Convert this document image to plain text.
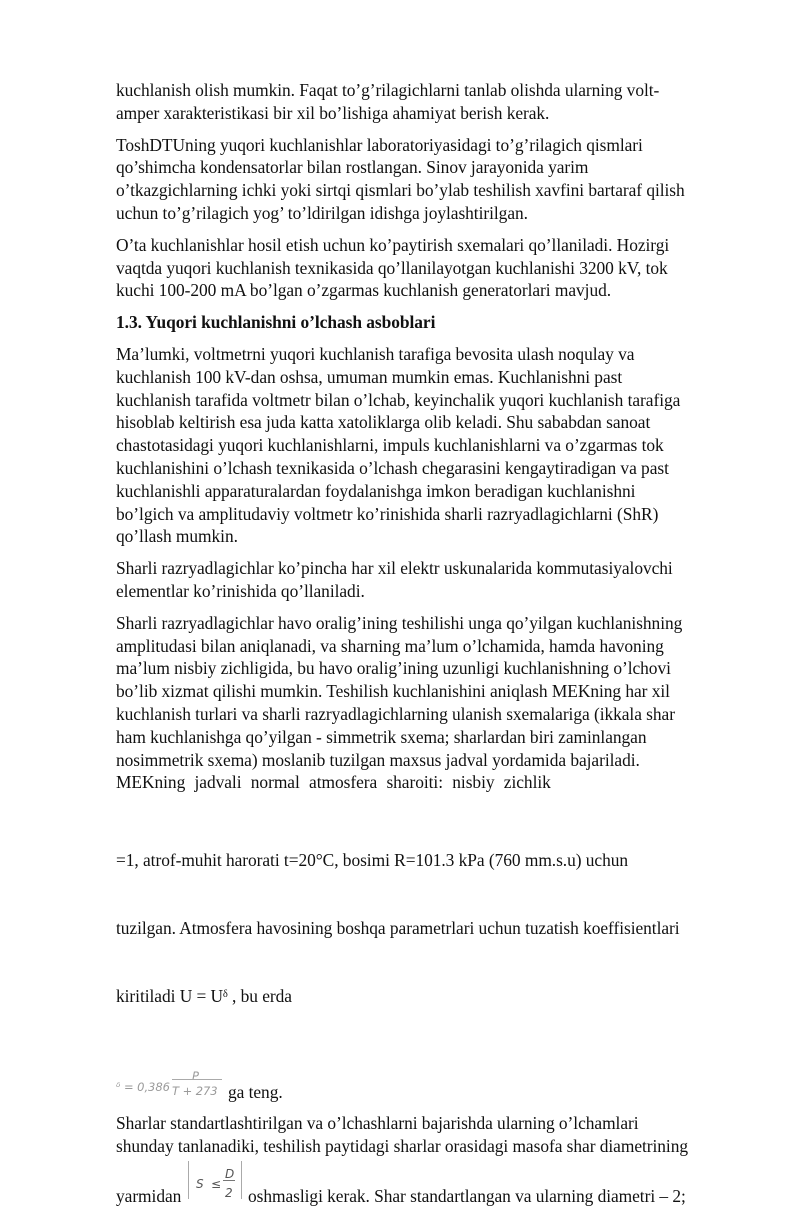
kuchlanish olish mumkin. Faqat to’g’rilagichlarni tanlab olishda ularning volt-
amper xarakteristikasi bir xil bo’lishiga ahamiyat berish kerak.

ToshDTUning yuqori kuchlanishlar laboratoriyasidagi to’g’rilagich qismlari
qo’shimcha kondensatorlar bilan rostlangan. Sinov jarayonida yarim
o’tkazgichlarning ichki yoki sirtqi qismlari bo’ylab teshilish xavfini bartaraf qilish
uchun to’g’rilagich yog’ to’ldirilgan idishga joylashtirilgan.

O’ta kuchlanishlar hosil etish uchun ko’paytirish sxemalari qo’llaniladi. Hozirgi
vaqtda yuqori kuchlanish texnikasida qo’llanilayotgan kuchlanishi 3200 kV, tok
kuchi 100-200 mA bo’lgan o’zgarmas kuchlanish generatorlari mavjud.

1.3. Yuqori kuchlanishni o’lchash asboblari

Ma’lumki, voltmetrni yuqori kuchlanish tarafiga bevosita ulash noqulay va
kuchlanish 100 kV-dan oshsa, umuman mumkin emas. Kuchlanishni past
kuchlanish tarafida voltmetr bilan o’lchab, keyinchalik yuqori kuchlanish tarafiga
hisoblab keltirish esa juda katta xatoliklarga olib keladi. Shu sababdan sanoat
chastotasidagi yuqori kuchlanishlarni, impuls kuchlanishlarni va o’zgarmas tok
kuchlanishini o’lchash texnikasida o’lchash chegarasini kengaytiradigan va past
kuchlanishli apparaturalardan foydalanishga imkon beradigan kuchlanishni
bo’lgich va amplitudaviy voltmetr ko’rinishida sharli razryadlagichlarni (ShR)
qo’llash mumkin.

Sharli razryadlagichlar ko’pincha har xil elektr uskunalarida kommutasiyalovchi
elementlar ko’rinishida qo’llaniladi.

Sharli razryadlagichlar havo oralig’ining teshilishi unga qo’yilgan kuchlanishning
amplitudasi bilan aniqlanadi, va sharning ma’lum o’lchamida, hamda havoning
ma’lum nisbiy zichligida, bu havo oralig’ining uzunligi kuchlanishning o’lchovi
bo’lib xizmat qilishi mumkin. Teshilish kuchlanishini aniqlash MEKning har xil
kuchlanish turlari va sharli razryadlagichlarning ulanish sxemalariga (ikkala shar
ham kuchlanishga qo’yilgan - simmetrik sxema; sharlardan biri zaminlangan
nosimmetrik sxema) moslanib tuzilgan maxsus jadval yordamida bajariladi.
MEKning jadvali normal atmosfera sharoiti: nisbiy zichlik

=1, atrof-muhit harorati t=20°C, bosimi R=101.3 kPa (760 mm.s.u) uchun

tuzilgan. Atmosfera havosining boshqa parametrlari uchun tuzatish koeffisientlari

kiritiladi U = Uᵟ , bu erda

ᵟ = 0,386
P
T + 273 ga teng.

Sharlar standartlashtirilgan va o’lchashlarni bajarishda ularning o’lchamlari
shunday tanlanadiki, teshilish paytidagi sharlar orasidagi masofa shar diametrining

yarmidan
S ≤
D
2 oshmasligi kerak. Shar standartlangan va ularning diametri – 2;
